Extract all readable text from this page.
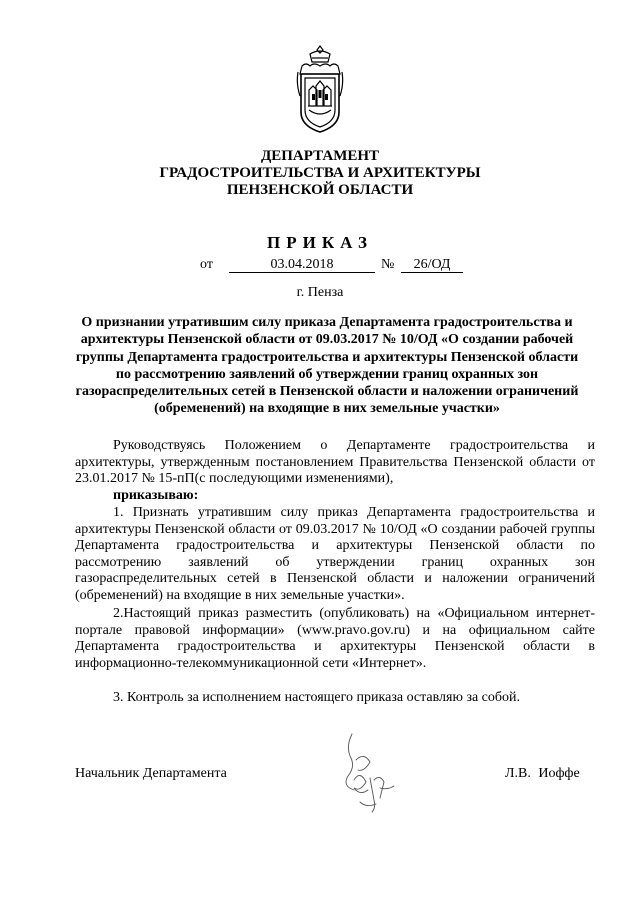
ДЕПАРТАМЕНТ
ГРАДОСТРОИТЕЛЬСТВА И АРХИТЕКТУРЫ
ПЕНЗЕНСКОЙ ОБЛАСТИ
ПРИКАЗ
от	03.04.2018	№	26/ОД
г. Пенза
О признании утратившим силу приказа Департамента градостроительства и архитектуры Пензенской области от 09.03.2017 № 10/ОД «О создании рабочей группы Департамента градостроительства и архитектуры Пензенской области по рассмотрению заявлений об утверждении границ охранных зон газораспределительных сетей в Пензенской области и наложении ограничений (обременений) на входящие в них земельные участки»
Руководствуясь Положением о Департаменте градостроительства и архитектуры, утвержденным постановлением Правительства Пензенской области от 23.01.2017 № 15-пП(с последующими изменениями),
приказываю:
1. Признать утратившим силу приказ Департамента градостроительства и архитектуры Пензенской области от 09.03.2017 № 10/ОД «О создании рабочей группы Департамента градостроительства и архитектуры Пензенской области по рассмотрению заявлений об утверждении границ охранных зон газораспределительных сетей в Пензенской области и наложении ограничений (обременений) на входящие в них земельные участки».
2.Настоящий приказ разместить (опубликовать) на «Официальном интернет-портале правовой информации» (www.pravo.gov.ru) и на официальном сайте Департамента градостроительства и архитектуры Пензенской области в информационно-телекоммуникационной сети «Интернет».
3. Контроль за исполнением настоящего приказа оставляю за собой.
Начальник Департамента	Л.В. Иоффе
